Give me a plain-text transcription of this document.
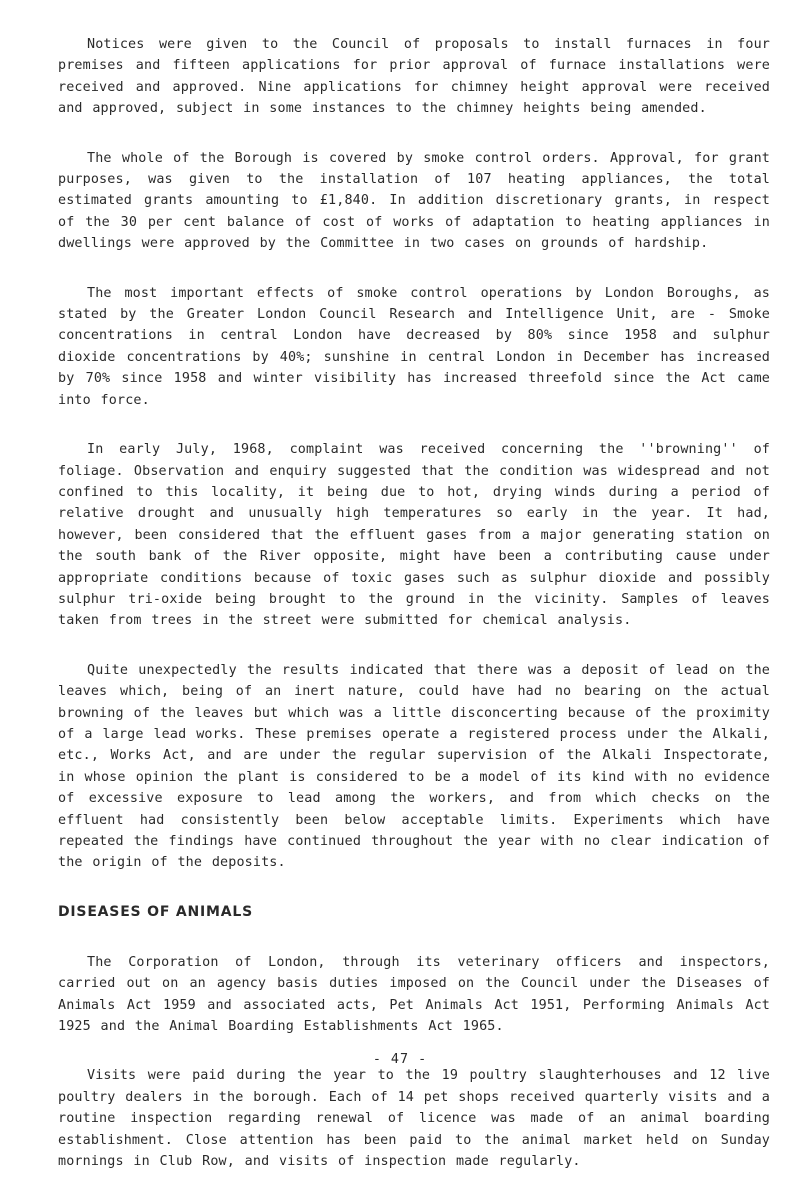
Notices were given to the Council of proposals to install furnaces in four premises and fifteen applications for prior approval of furnace installations were received and approved. Nine applications for chimney height approval were received and approved, subject in some instances to the chimney heights being amended.

The whole of the Borough is covered by smoke control orders. Approval, for grant purposes, was given to the installation of 107 heating appliances, the total estimated grants amounting to £1,840. In addition discretionary grants, in respect of the 30 per cent balance of cost of works of adaptation to heating appliances in dwellings were approved by the Committee in two cases on grounds of hardship.

The most important effects of smoke control operations by London Boroughs, as stated by the Greater London Council Research and Intelligence Unit, are - Smoke concentrations in central London have decreased by 80% since 1958 and sulphur dioxide concentrations by 40%; sunshine in central London in December has increased by 70% since 1958 and winter visibility has increased threefold since the Act came into force.

In early July, 1968, complaint was received concerning the ''browning'' of foliage. Observation and enquiry suggested that the condition was widespread and not confined to this locality, it being due to hot, drying winds during a period of relative drought and unusually high temperatures so early in the year. It had, however, been considered that the effluent gases from a major generating station on the south bank of the River opposite, might have been a contributing cause under appropriate conditions because of toxic gases such as sulphur dioxide and possibly sulphur tri-oxide being brought to the ground in the vicinity. Samples of leaves taken from trees in the street were submitted for chemical analysis.

Quite unexpectedly the results indicated that there was a deposit of lead on the leaves which, being of an inert nature, could have had no bearing on the actual browning of the leaves but which was a little disconcerting because of the proximity of a large lead works. These premises operate a registered process under the Alkali, etc., Works Act, and are under the regular supervision of the Alkali Inspectorate, in whose opinion the plant is considered to be a model of its kind with no evidence of excessive exposure to lead among the workers, and from which checks on the effluent had consistently been below acceptable limits. Experiments which have repeated the findings have continued throughout the year with no clear indication of the origin of the deposits.

DISEASES OF ANIMALS

The Corporation of London, through its veterinary officers and inspectors, carried out on an agency basis duties imposed on the Council under the Diseases of Animals Act 1959 and associated acts, Pet Animals Act 1951, Performing Animals Act 1925 and the Animal Boarding Establishments Act 1965.

Visits were paid during the year to the 19 poultry slaughterhouses and 12 live poultry dealers in the borough. Each of 14 pet shops received quarterly visits and a routine inspection regarding renewal of licence was made of an animal boarding establishment. Close attention has been paid to the animal market held on Sunday mornings in Club Row, and visits of inspection made regularly.

- 47 -
